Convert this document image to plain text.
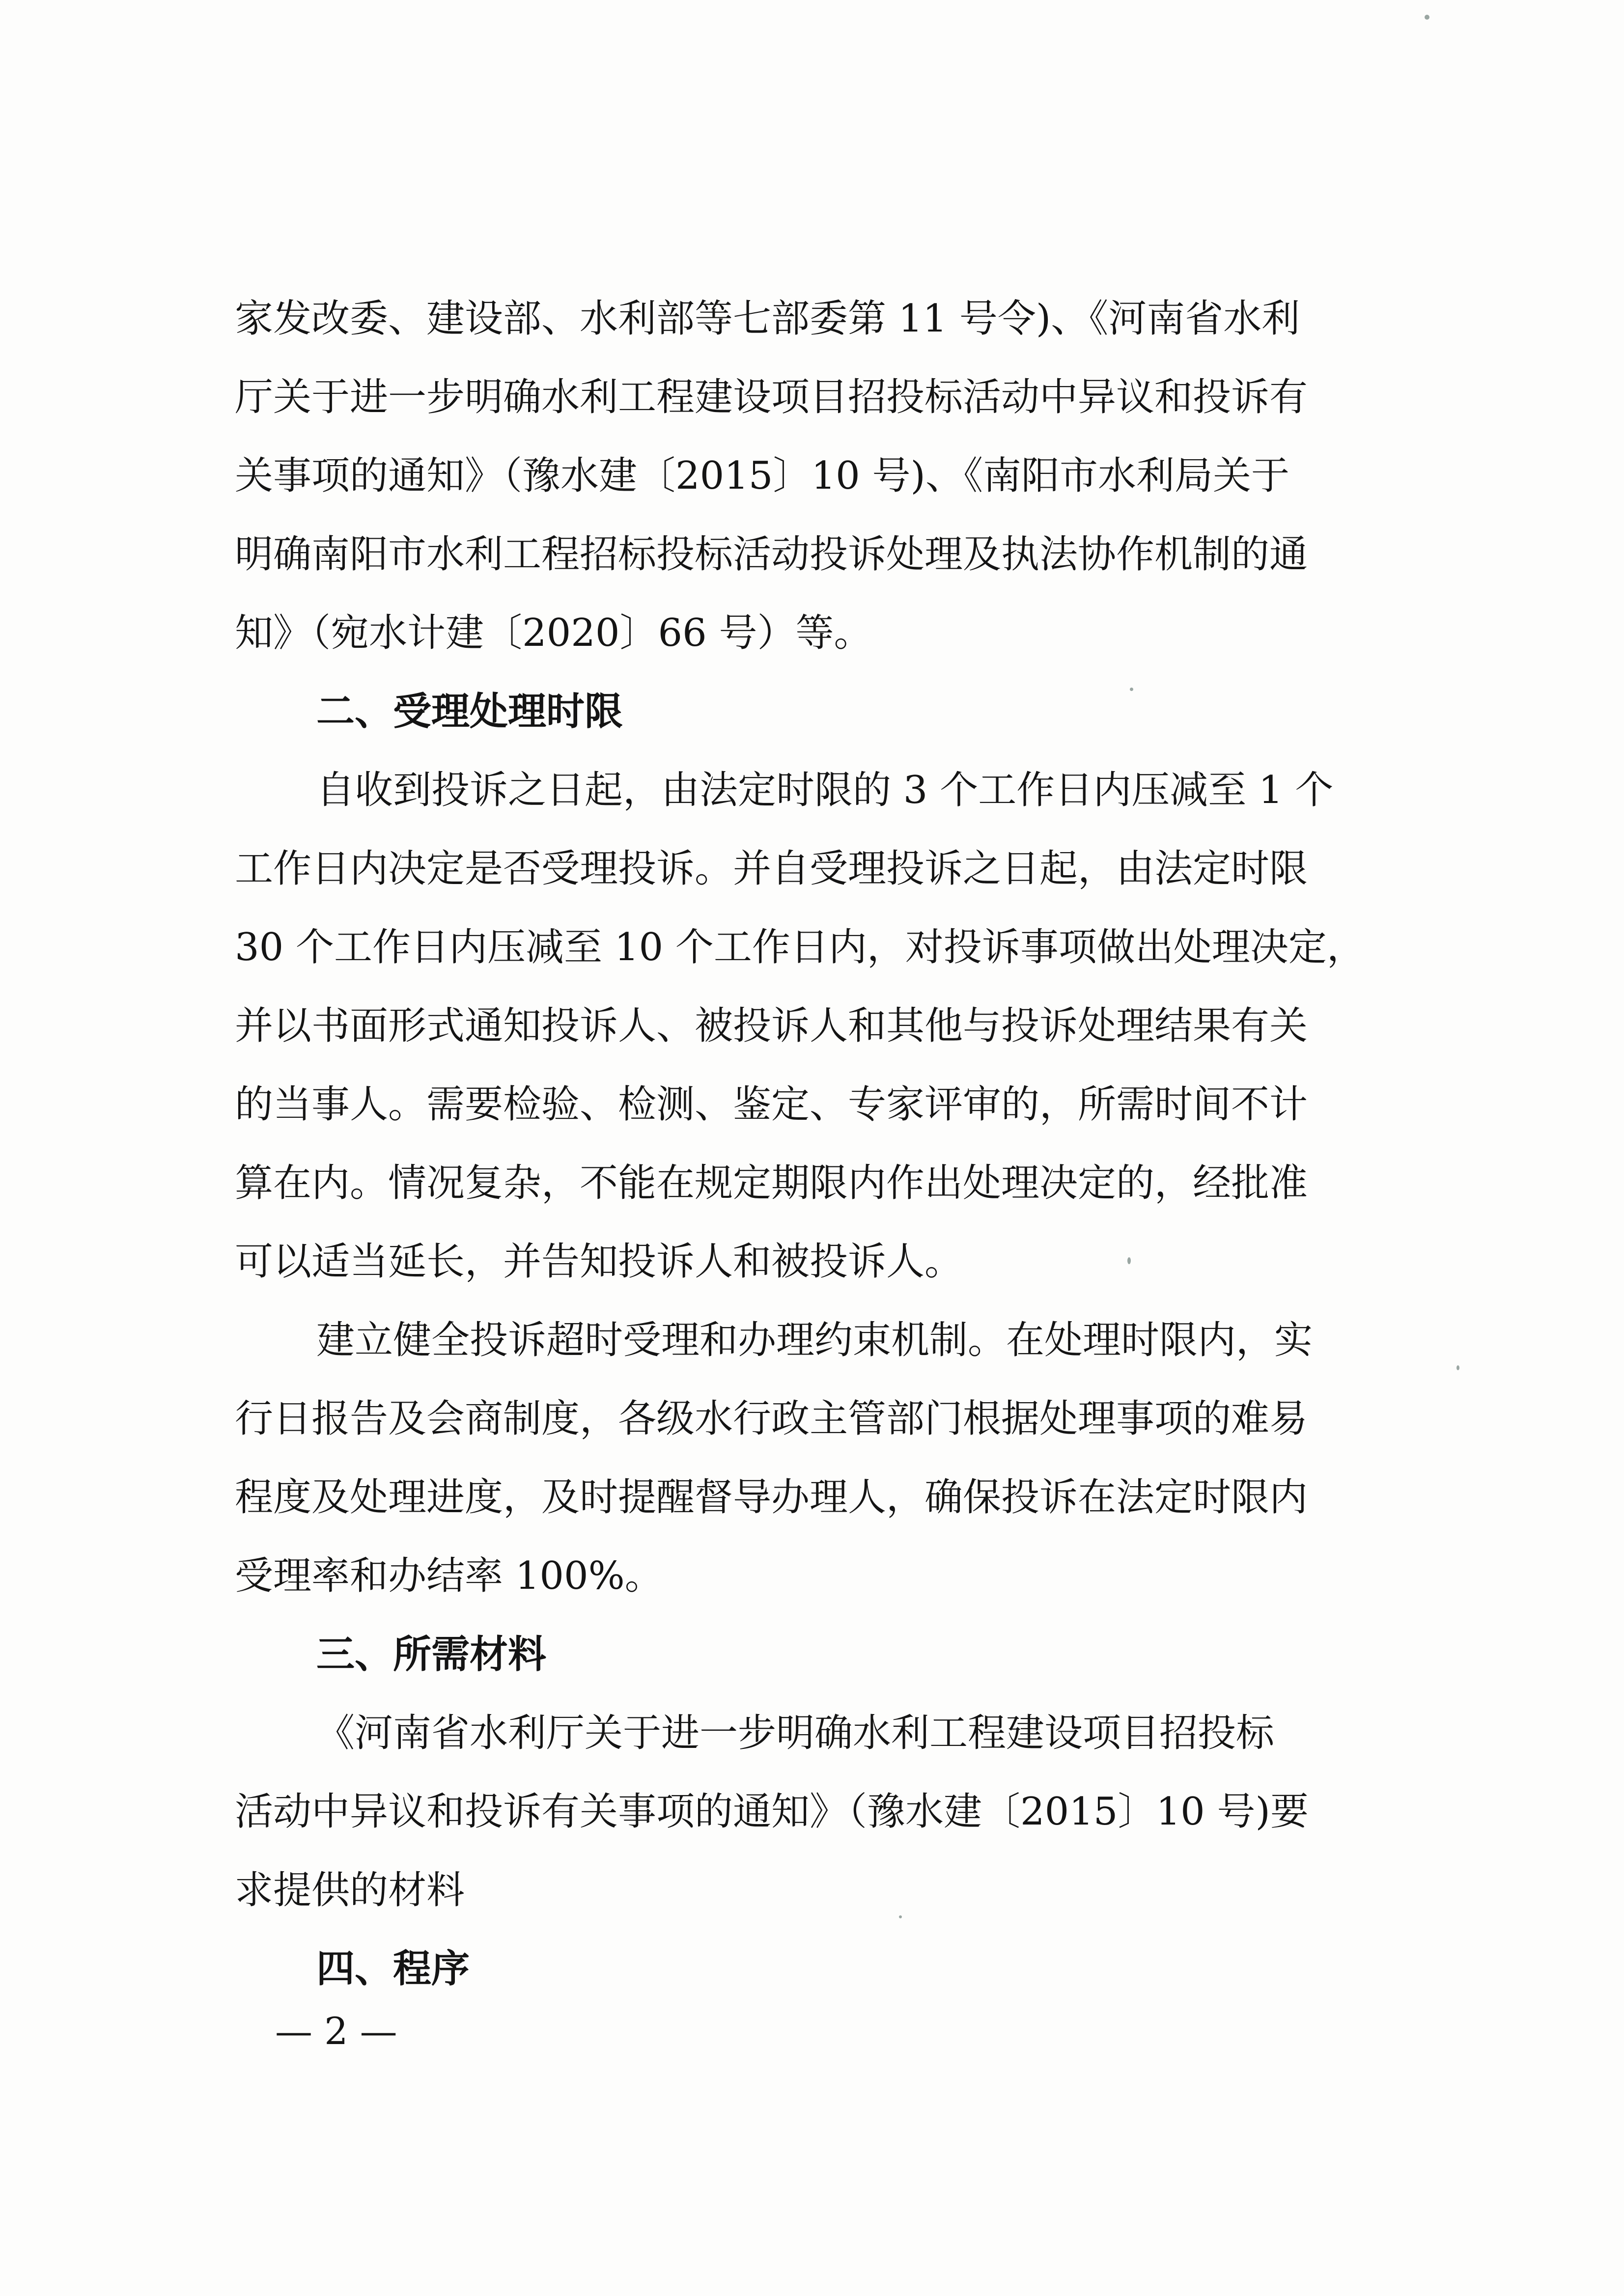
家发改委、建设部、水利部等七部委第 11 号令)、《河南省水利
厅关于进一步明确水利工程建设项目招投标活动中异议和投诉有
关事项的通知》（豫水建〔2015〕10 号)、《南阳市水利局关于
明确南阳市水利工程招标投标活动投诉处理及执法协作机制的通
知》（宛水计建〔2020〕66 号）等。
二、受理处理时限
自收到投诉之日起，由法定时限的 3 个工作日内压减至 1 个
工作日内决定是否受理投诉。并自受理投诉之日起，由法定时限
30 个工作日内压减至 10 个工作日内，对投诉事项做出处理决定，
并以书面形式通知投诉人、被投诉人和其他与投诉处理结果有关
的当事人。需要检验、检测、鉴定、专家评审的，所需时间不计
算在内。情况复杂，不能在规定期限内作出处理决定的，经批准
可以适当延长，并告知投诉人和被投诉人。
建立健全投诉超时受理和办理约束机制。在处理时限内，实
行日报告及会商制度，各级水行政主管部门根据处理事项的难易
程度及处理进度，及时提醒督导办理人，确保投诉在法定时限内
受理率和办结率 100%。
三、所需材料
《河南省水利厅关于进一步明确水利工程建设项目招投标
活动中异议和投诉有关事项的通知》（豫水建〔2015〕10 号)要
求提供的材料
四、程序
— 2 —
